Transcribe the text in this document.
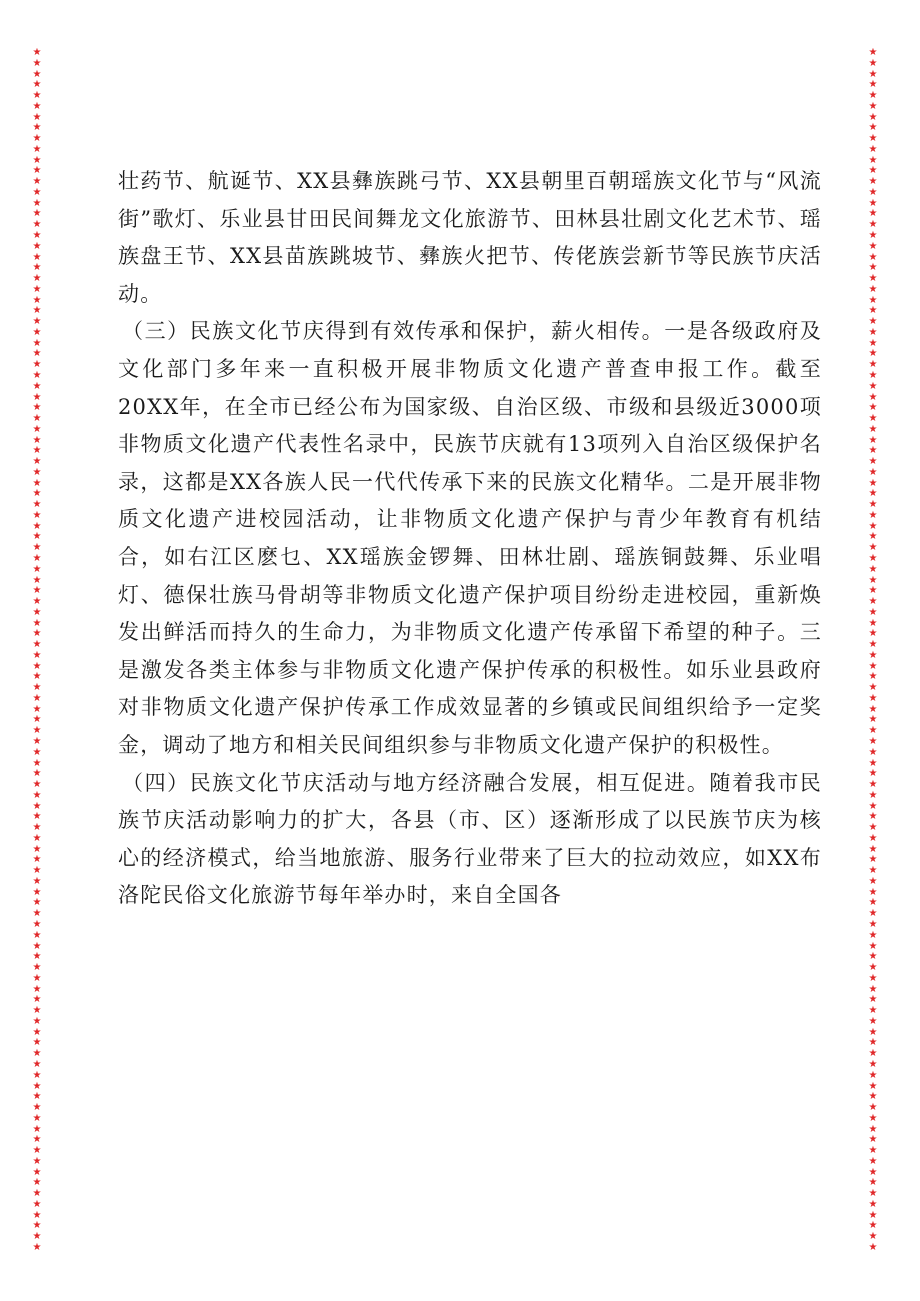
★
★
★
★
★
★
★
★
★
★
★
★
★
★
★
★
★
★
★
★
★
★
★
★
★
★
★
★
★
★
★
★
★
★
★
★
★
★
★
★
★
★
★
★
★
★
★
★
★
★
★
★
★
★
★
★
★
★
★
★
★
★
★
★
★
★
★
★
★
★
★
★
★
★
★
★
★
★
★
★
★
★
★
★
★
★
★
★
★
★
★
★
★
★
★
★
★
★
★
★
★
★
★
★
★
★
★
★
★
★
★
★
★
★
★
★
★
★
★
★
★
★
★
★
★
★
★
★
★
★
★
★
★
★
★
★
★
★
★
★
★
★
★
★
★
★
★
★
★
★
★
★
★
★
★
★
★
★
★
★
★
★
★
★
★
★
★
★
★
★
★
★
★
★
★
★
★
★
★
★
★
★
★
★
★
★
★
★
★
★
★
★
★
★
★
★
★
★
★
★
★
★
★
★
★
★
★
★
★
★
★
★
★
★
★
★
★
★
★
★
★
★
★
★

壮药节、航诞节、XX县彝族跳弓节、XX县朝里百朝瑶族文化节与“风流街”歌灯、乐业县甘田民间舞龙文化旅游节、田林县壮剧文化艺术节、瑶族盘王节、XX县苗族跳坡节、彝族火把节、传佬族尝新节等民族节庆活动。

（三）民族文化节庆得到有效传承和保护，薪火相传。一是各级政府及文化部门多年来一直积极开展非物质文化遗产普查申报工作。截至20XX年，在全市已经公布为国家级、自治区级、市级和县级近3000项非物质文化遗产代表性名录中，民族节庆就有13项列入自治区级保护名录，这都是XX各族人民一代代传承下来的民族文化精华。二是开展非物质文化遗产进校园活动，让非物质文化遗产保护与青少年教育有机结合，如右江区麽乜、XX瑶族金锣舞、田林壮剧、瑶族铜鼓舞、乐业唱灯、德保壮族马骨胡等非物质文化遗产保护项目纷纷走进校园，重新焕发出鲜活而持久的生命力，为非物质文化遗产传承留下希望的种子。三是激发各类主体参与非物质文化遗产保护传承的积极性。如乐业县政府对非物质文化遗产保护传承工作成效显著的乡镇或民间组织给予一定奖金，调动了地方和相关民间组织参与非物质文化遗产保护的积极性。

（四）民族文化节庆活动与地方经济融合发展，相互促进。随着我市民族节庆活动影响力的扩大，各县（市、区）逐渐形成了以民族节庆为核心的经济模式，给当地旅游、服务行业带来了巨大的拉动效应，如XX布洛陀民俗文化旅游节每年举办时，来自全国各
